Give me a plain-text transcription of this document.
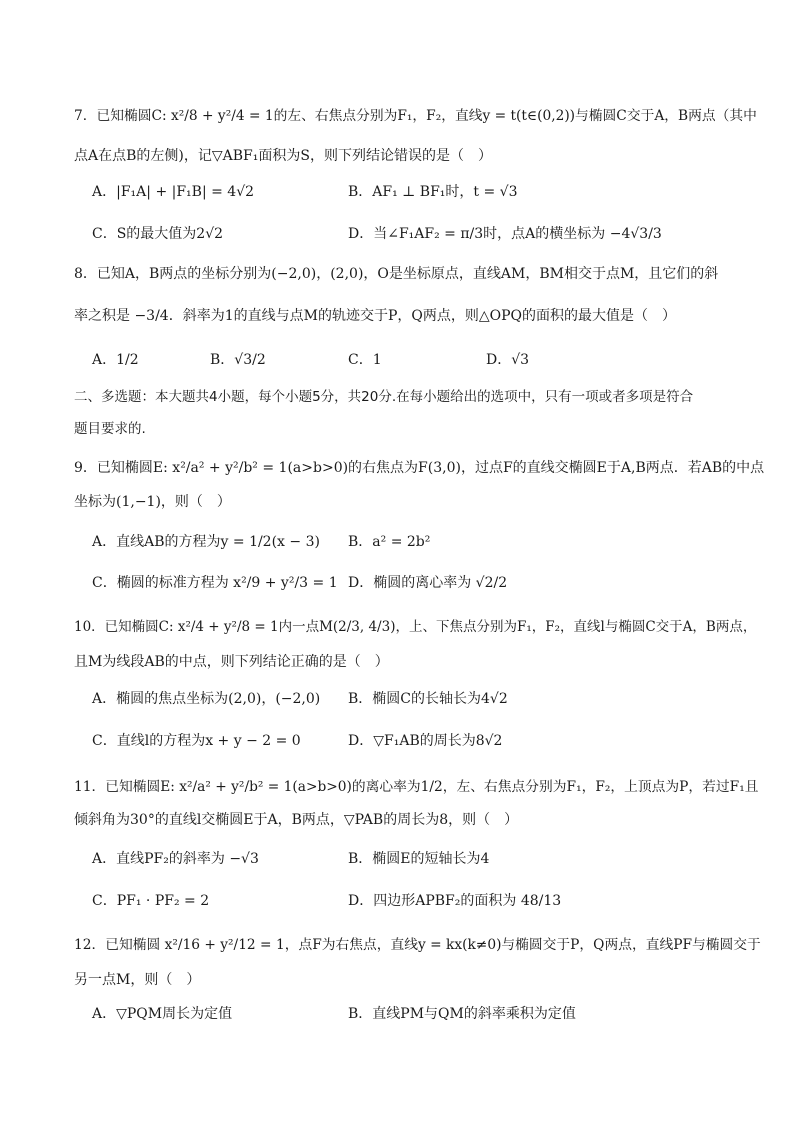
7．已知椭圆C: x²/8 + y²/4 = 1的左、右焦点分别为F₁，F₂，直线y = t(t∈(0,2))与椭圆C交于A，B两点（其中
点A在点B的左侧)，记▽ABF₁面积为S，则下列结论错误的是（　）
A．|F₁A| + |F₁B| = 4√2	B．AF₁ ⊥ BF₁时，t = √3
C．S的最大值为2√2	D．当∠F₁AF₂ = π/3时，点A的横坐标为 −4√3/3
8．已知A，B两点的坐标分别为(−2,0)，(2,0)，O是坐标原点，直线AM，BM相交于点M，且它们的斜
率之积是 −3/4．斜率为1的直线与点M的轨迹交于P，Q两点，则△OPQ的面积的最大值是（　）
A．1/2	B．√3/2	C．1	D．√3
二、多选题：本大题共4小题，每个小题5分，共20分.在每小题给出的选项中，只有一项或者多项是符合
题目要求的.
9．已知椭圆E: x²/a² + y²/b² = 1(a>b>0)的右焦点为F(3,0)，过点F的直线交椭圆E于A,B两点．若AB的中点
坐标为(1,−1)，则（　）
A．直线AB的方程为y = 1/2(x − 3) B．a² = 2b²
C．椭圆的标准方程为 x²/9 + y²/3 = 1 D．椭圆的离心率为 √2/2
10．已知椭圆C: x²/4 + y²/8 = 1内一点M(2/3, 4/3)，上、下焦点分别为F₁，F₂，直线l与椭圆C交于A，B两点，
且M为线段AB的中点，则下列结论正确的是（　）
A．椭圆的焦点坐标为(2,0)，(−2,0) B．椭圆C的长轴长为4√2
C．直线l的方程为x + y − 2 = 0	D．▽F₁AB的周长为8√2
11．已知椭圆E: x²/a² + y²/b² = 1(a>b>0)的离心率为1/2，左、右焦点分别为F₁，F₂，上顶点为P，若过F₁且
倾斜角为30°的直线l交椭圆E于A，B两点，▽PAB的周长为8，则（　）
A．直线PF₂的斜率为 −√3	B．椭圆E的短轴长为4
C．PF₁ · PF₂ = 2	D．四边形APBF₂的面积为 48/13
12．已知椭圆 x²/16 + y²/12 = 1，点F为右焦点，直线y = kx(k≠0)与椭圆交于P，Q两点，直线PF与椭圆交于
另一点M，则（　）
A．▽PQM周长为定值	B．直线PM与QM的斜率乘积为定值
